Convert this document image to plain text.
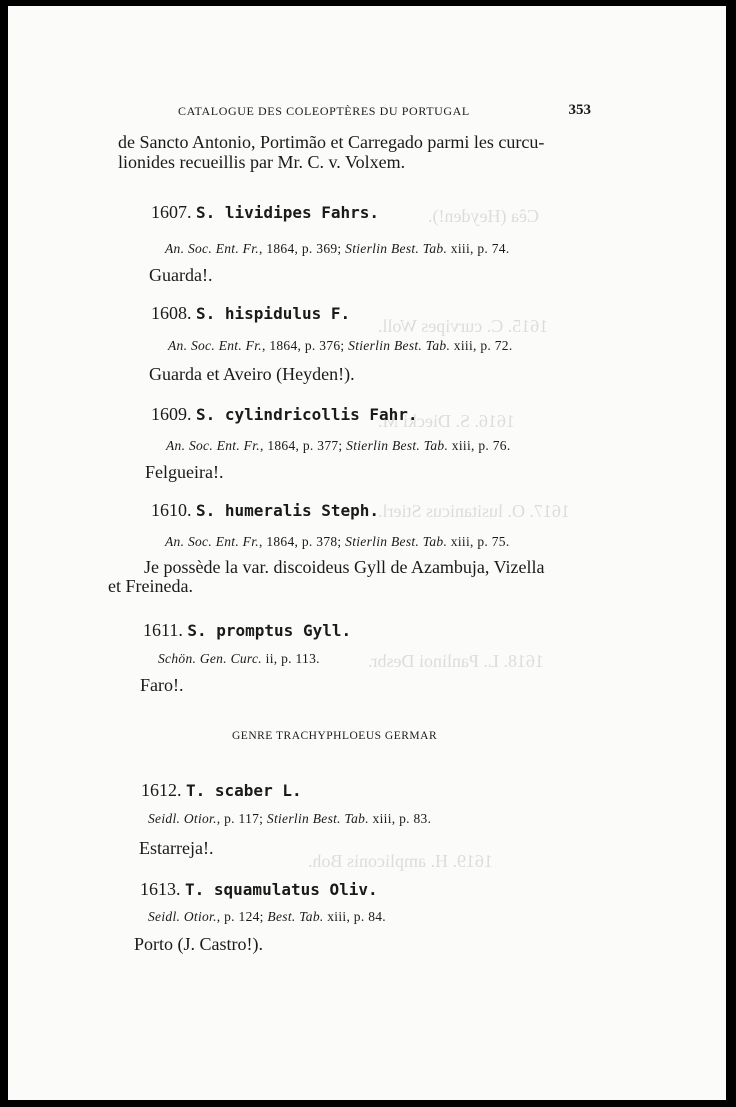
Cêa (Heyden!).
1615. C. curvipes Woll.
1616. S. Diecki M.
1617. O. lusitanicus Stierl.
1618. L. Panlinoi Desbr.
1619. H. ampliconis Boh.
CATALOGUE DES COLEOPTÈRES DU PORTUGAL	353
de Sancto Antonio, Portimão et Carregado parmi les curcu-
lionides recueillis par Mr. C. v. Volxem.
1607. S. lividipes Fahrs.
An. Soc. Ent. Fr., 1864, p. 369; Stierlin Best. Tab. xiii, p. 74.
Guarda!.
1608. S. hispidulus F.
An. Soc. Ent. Fr., 1864, p. 376; Stierlin Best. Tab. xiii, p. 72.
Guarda et Aveiro (Heyden!).
1609. S. cylindricollis Fahr.
An. Soc. Ent. Fr., 1864, p. 377; Stierlin Best. Tab. xiii, p. 76.
Felgueira!.
1610. S. humeralis Steph.
An. Soc. Ent. Fr., 1864, p. 378; Stierlin Best. Tab. xiii, p. 75.
Je possède la var. discoideus Gyll de Azambuja, Vizella
et Freineda.
1611. S. promptus Gyll.
Schön. Gen. Curc. ii, p. 113.
Faro!.
GENRE TRACHYPHLOEUS GERMAR
1612. T. scaber L.
Seidl. Otior., p. 117; Stierlin Best. Tab. xiii, p. 83.
Estarreja!.
1613. T. squamulatus Oliv.
Seidl. Otior., p. 124; Best. Tab. xiii, p. 84.
Porto (J. Castro!).
